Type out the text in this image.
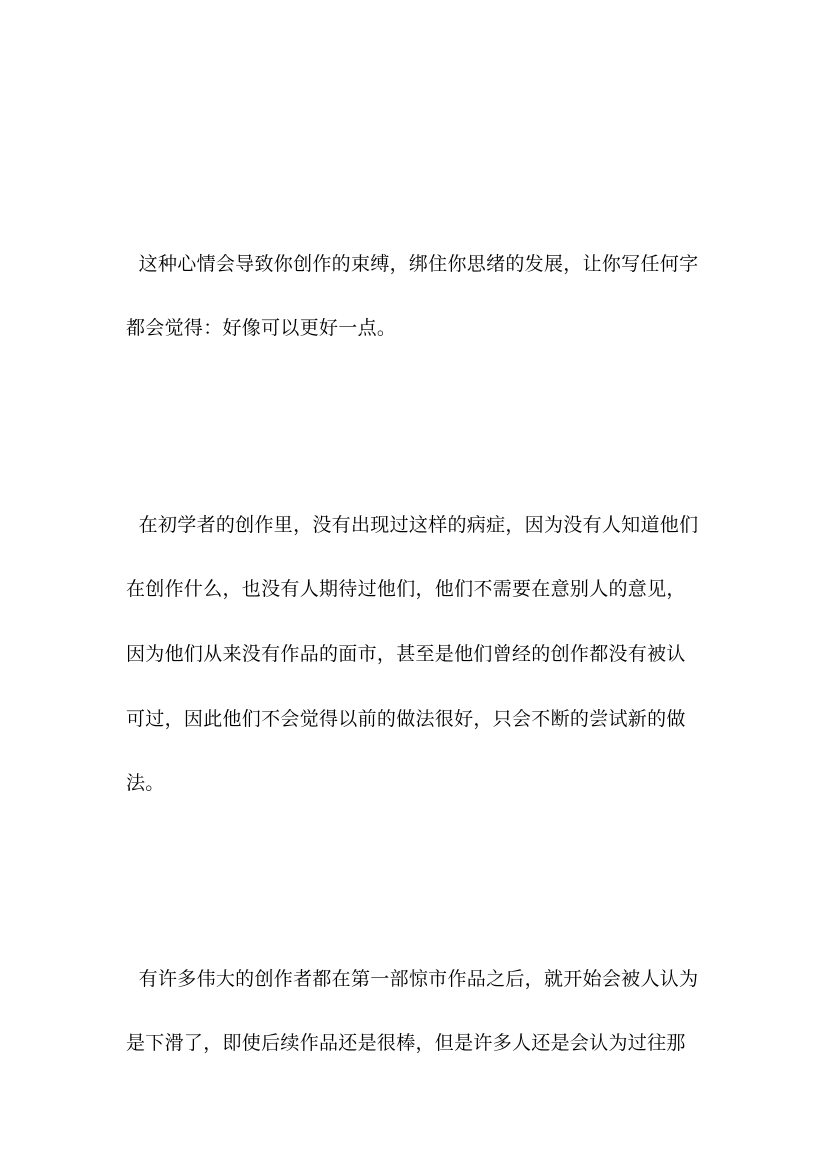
这种心情会导致你创作的束缚，绑住你思绪的发展，让你写任何字
都会觉得：好像可以更好一点。
在初学者的创作里，没有出现过这样的病症，因为没有人知道他们
在创作什么，也没有人期待过他们，他们不需要在意别人的意见，
因为他们从来没有作品的面市，甚至是他们曾经的创作都没有被认
可过，因此他们不会觉得以前的做法很好，只会不断的尝试新的做
法。
有许多伟大的创作者都在第一部惊市作品之后，就开始会被人认为
是下滑了，即使后续作品还是很棒，但是许多人还是会认为过往那
